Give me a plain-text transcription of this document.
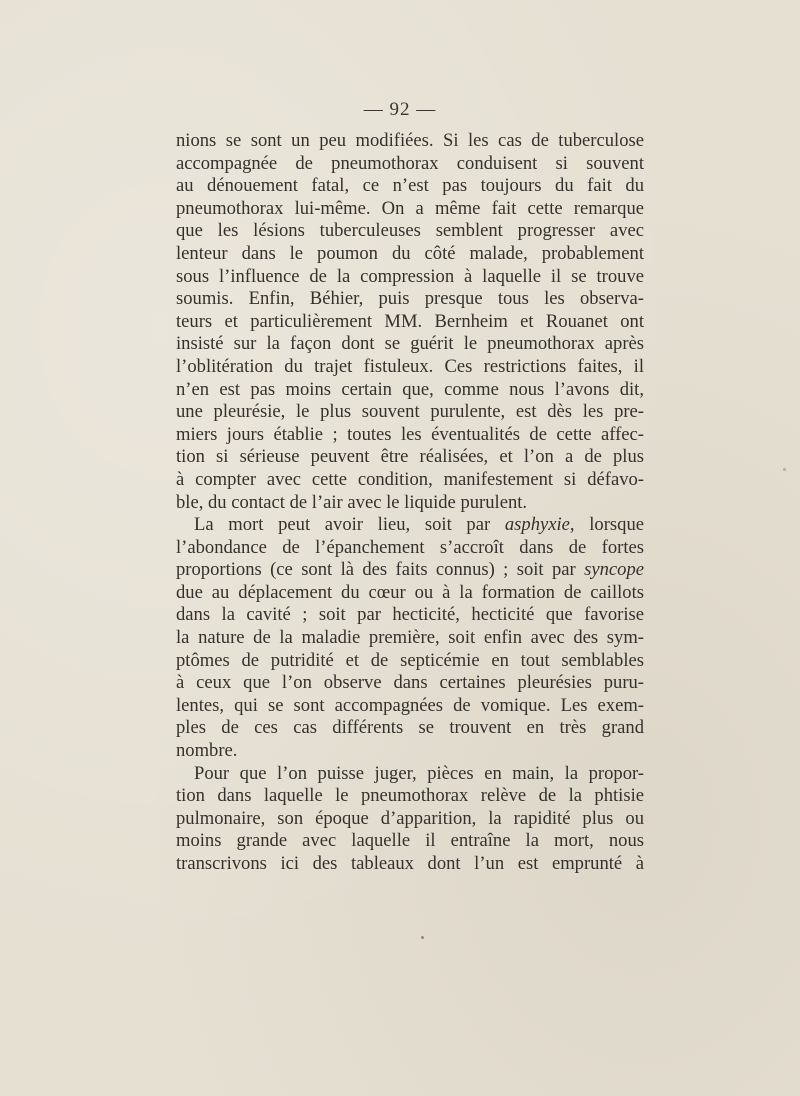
— 92 —
nions se sont un peu modifiées. Si les cas de tuberculose
accompagnée de pneumothorax conduisent si souvent
au dénouement fatal, ce n’est pas toujours du fait du
pneumothorax lui-même. On a même fait cette remarque
que les lésions tuberculeuses semblent progresser avec
lenteur dans le poumon du côté malade, probablement
sous l’influence de la compression à laquelle il se trouve
soumis. Enfin, Béhier, puis presque tous les observa-
teurs et particulièrement MM. Bernheim et Rouanet ont
insisté sur la façon dont se guérit le pneumothorax après
l’oblitération du trajet fistuleux. Ces restrictions faites, il
n’en est pas moins certain que, comme nous l’avons dit,
une pleurésie, le plus souvent purulente, est dès les pre-
miers jours établie ; toutes les éventualités de cette affec-
tion si sérieuse peuvent être réalisées, et l’on a de plus
à compter avec cette condition, manifestement si défavo-
ble, du contact de l’air avec le liquide purulent.
La mort peut avoir lieu, soit par asphyxie, lorsque
l’abondance de l’épanchement s’accroît dans de fortes
proportions (ce sont là des faits connus) ; soit par syncope
due au déplacement du cœur ou à la formation de caillots
dans la cavité ; soit par hecticité, hecticité que favorise
la nature de la maladie première, soit enfin avec des sym-
ptômes de putridité et de septicémie en tout semblables
à ceux que l’on observe dans certaines pleurésies puru-
lentes, qui se sont accompagnées de vomique. Les exem-
ples de ces cas différents se trouvent en très grand
nombre.
Pour que l’on puisse juger, pièces en main, la propor-
tion dans laquelle le pneumothorax relève de la phtisie
pulmonaire, son époque d’apparition, la rapidité plus ou
moins grande avec laquelle il entraîne la mort, nous
transcrivons ici des tableaux dont l’un est emprunté à
